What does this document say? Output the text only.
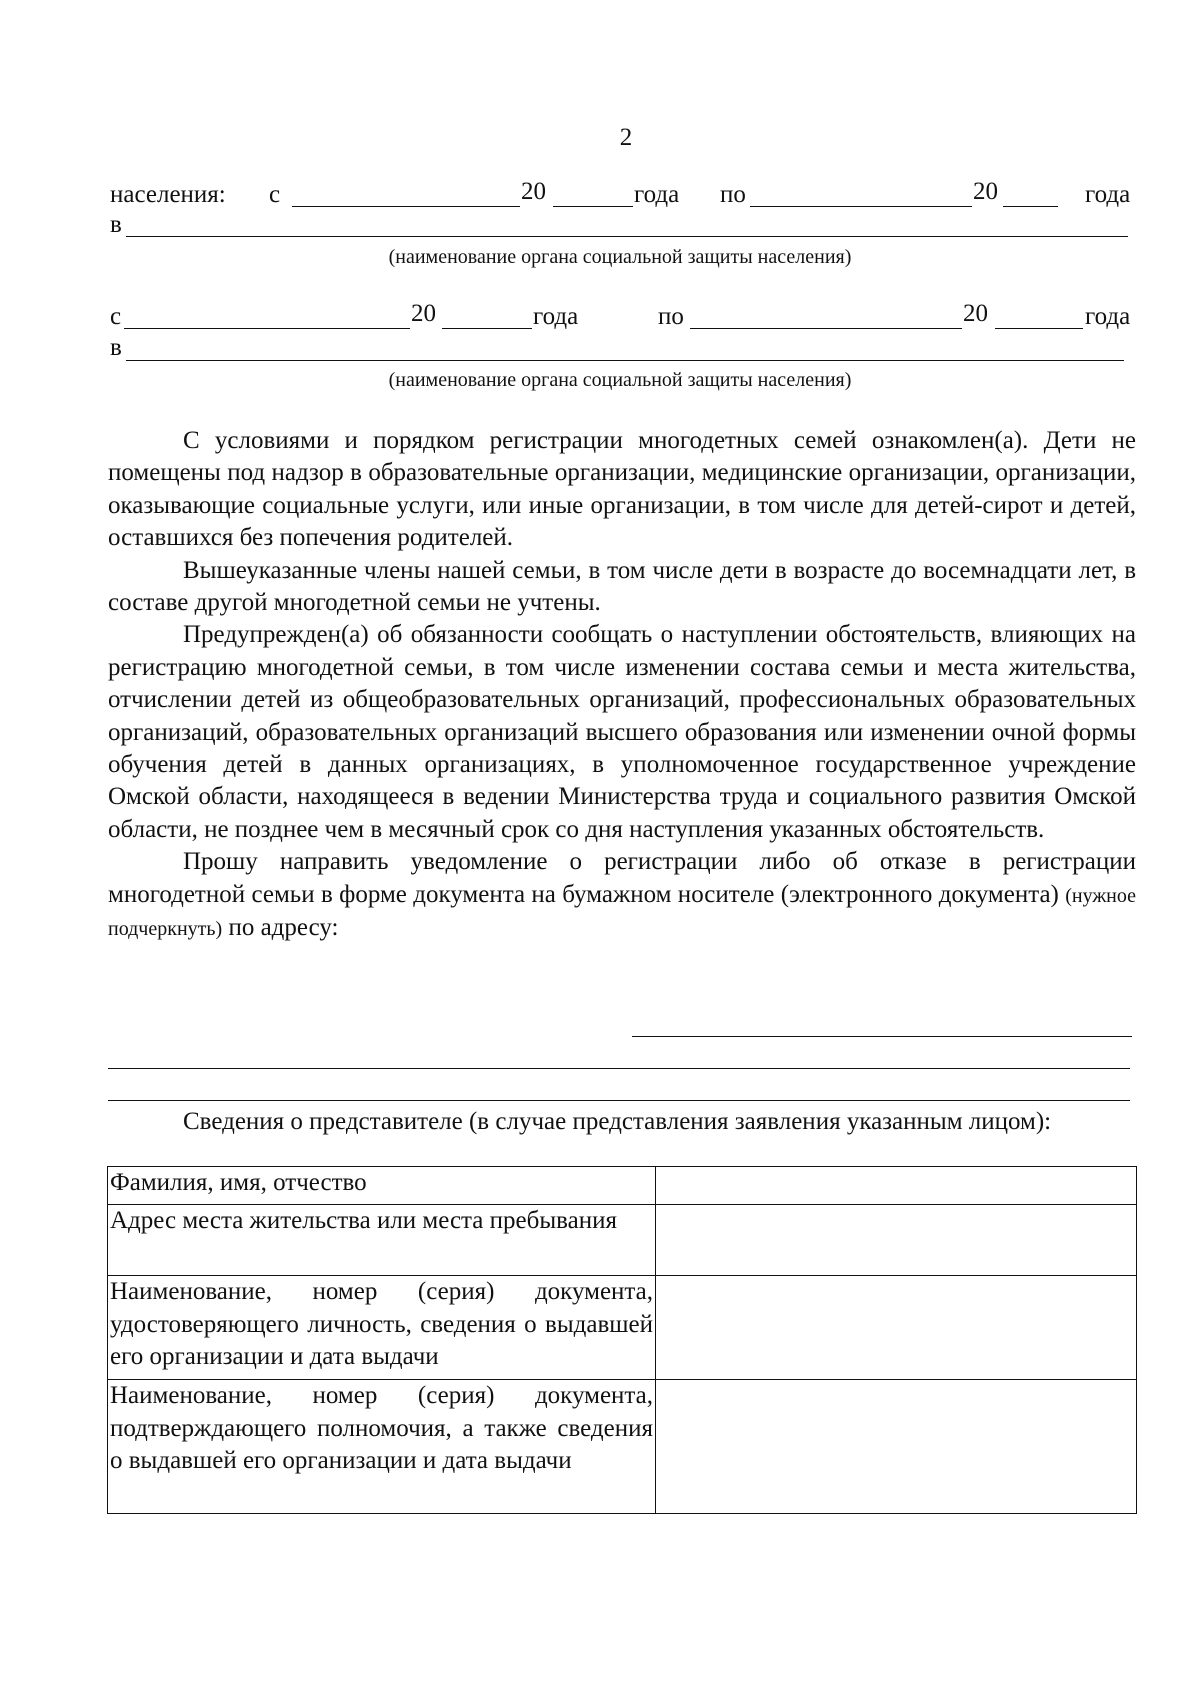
2
населения: с	20	года по	20	года
в
(наименование органа социальной защиты населения)
с	20	года	по	20	года
в
(наименование органа социальной защиты населения)

С условиями и порядком регистрации многодетных семей ознакомлен(а). Дети не помещены под надзор в образовательные организации, медицинские организации, организации, оказывающие социальные услуги, или иные организации, в том числе для детей-сирот и детей, оставшихся без попечения родителей.

Вышеуказанные члены нашей семьи, в том числе дети в возрасте до восемнадцати лет, в составе другой многодетной семьи не учтены.

Предупрежден(а) об обязанности сообщать о наступлении обстоятельств, влияющих на регистрацию многодетной семьи, в том числе изменении состава семьи и места жительства, отчислении детей из общеобразовательных организаций, профессиональных образовательных организаций, образовательных организаций высшего образования или изменении очной формы обучения детей в данных организациях, в уполномоченное государственное учреждение Омской области, находящееся в ведении Министерства труда и социального развития Омской области, не позднее чем в месячный срок со дня наступления указанных обстоятельств.

Прошу направить уведомление о регистрации либо об отказе в регистрации многодетной семьи в форме документа на бумажном носителе (электронного документа) (нужное подчеркнуть) по адресу:

Сведения о представителе (в случае представления заявления указанным лицом):

Фамилия, имя, отчество	
Адрес места жительства или места пребывания	
Наименование, номер (серия) документа, удостоверяющего личность, сведения о выдавшей его организации и дата выдачи	
Наименование, номер (серия) документа, подтверждающего полномочия, а также сведения о выдавшей его организации и дата выдачи	
